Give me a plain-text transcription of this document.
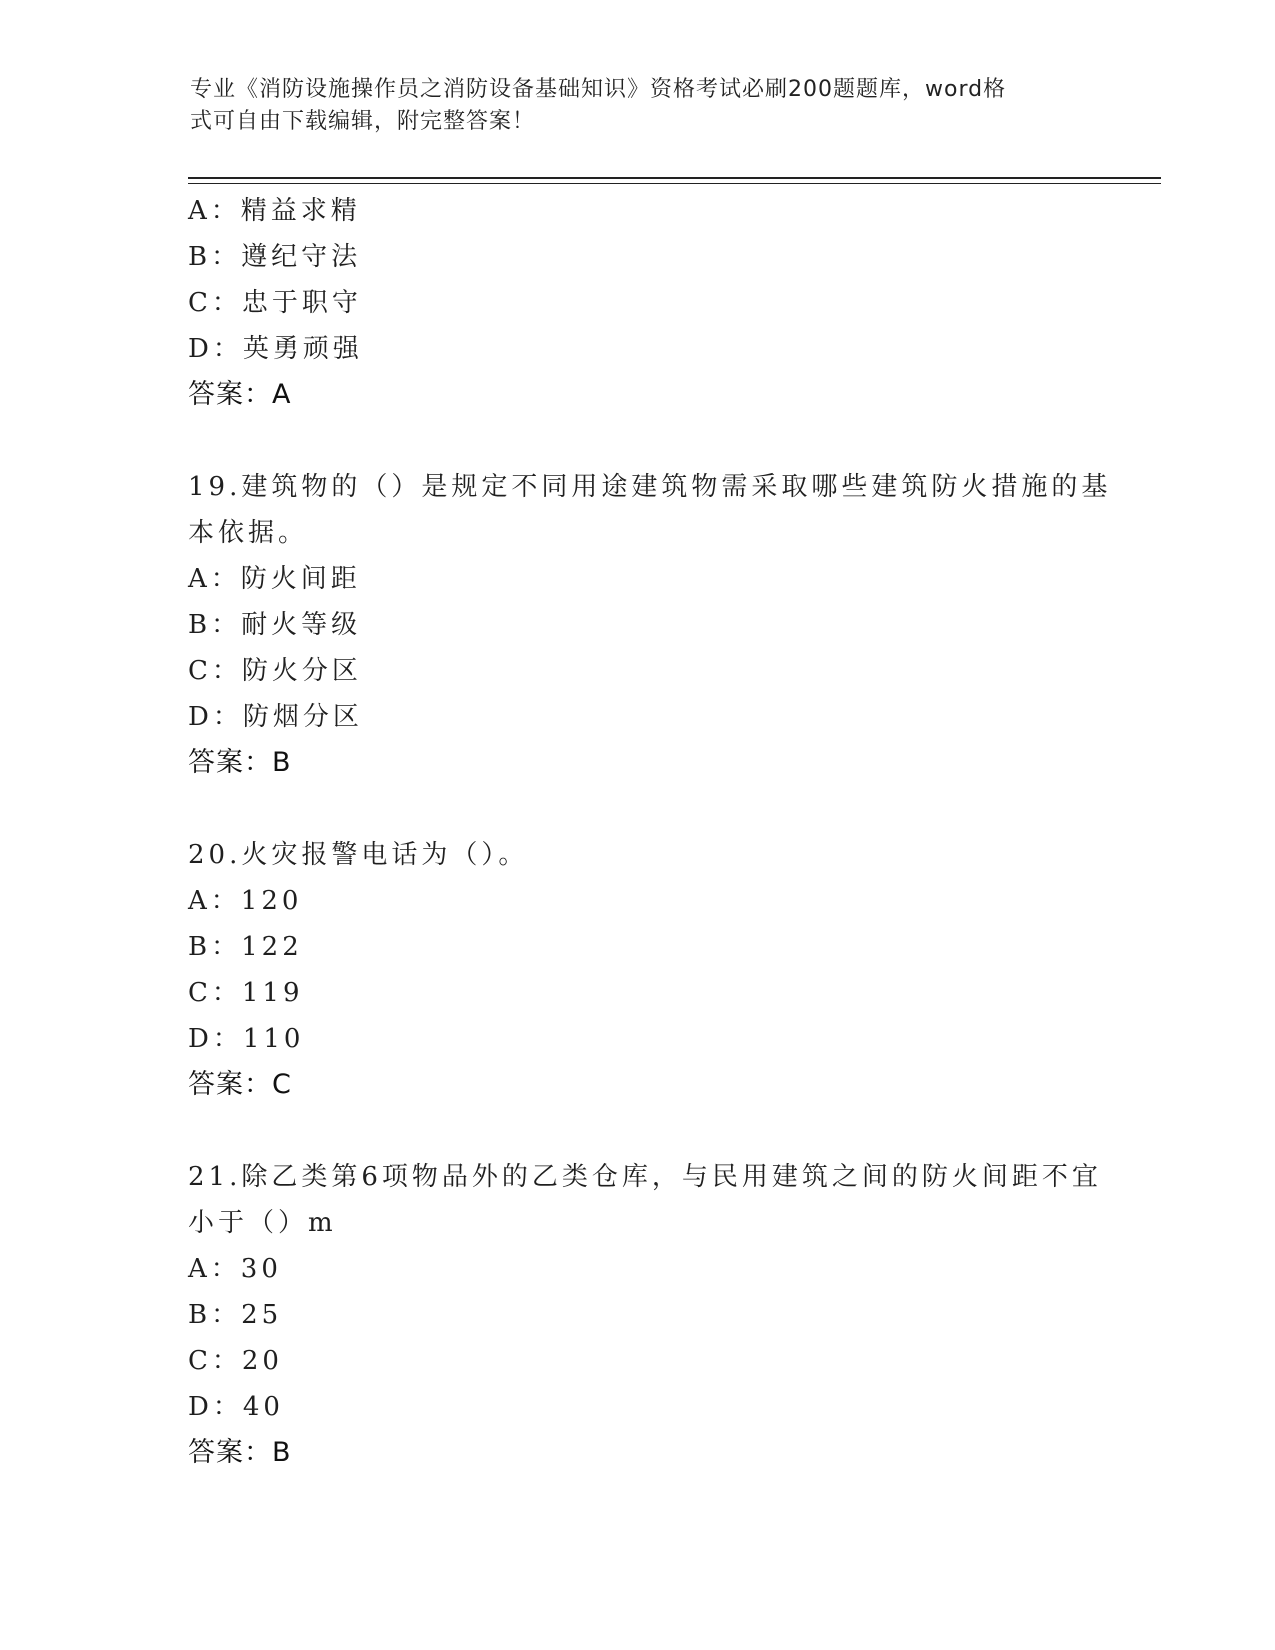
专业《消防设施操作员之消防设备基础知识》资格考试必刷200题题库，word格
式可自由下载编辑，附完整答案！
A：精益求精
B：遵纪守法
C：忠于职守
D：英勇顽强
答案：A
19.建筑物的（）是规定不同用途建筑物需采取哪些建筑防火措施的基
本依据。
A：防火间距
B：耐火等级
C：防火分区
D：防烟分区
答案：B
20.火灾报警电话为（）。
A：120
B：122
C：119
D：110
答案：C
21.除乙类第6项物品外的乙类仓库，与民用建筑之间的防火间距不宜
小于（）m
A：30
B：25
C：20
D：40
答案：B
